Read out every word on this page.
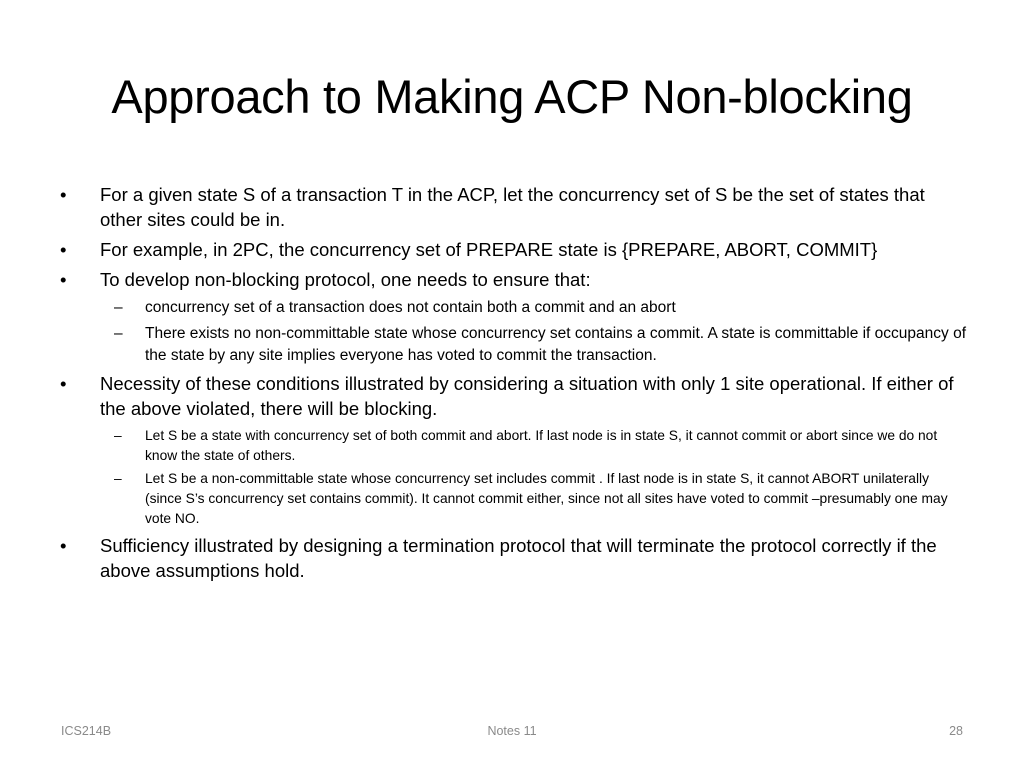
Approach to Making ACP Non-blocking
• For a given state S of a transaction T in the ACP, let the concurrency set of S be the set of states that other sites could be in.
• For example, in 2PC, the concurrency set of PREPARE state is {PREPARE, ABORT, COMMIT}
• To develop non-blocking protocol, one needs to ensure that:
– concurrency set of a transaction does not contain both a commit and an abort
– There exists no non-committable state whose concurrency set contains a commit. A state is committable if occupancy of the state by any site implies everyone has voted to commit the transaction.
• Necessity of these conditions illustrated by considering a situation with only 1 site operational. If either of the above violated, there will be blocking.
– Let S be a state with concurrency set of both commit and abort. If last node is in state S, it cannot commit or abort since we do not know the state of others.
– Let S be a non-committable state whose concurrency set includes commit . If last node is in state S, it cannot ABORT unilaterally (since S’s concurrency set contains commit). It cannot commit either, since not all sites have voted to commit –presumably one may vote NO.
• Sufficiency illustrated by designing a termination protocol that will terminate the protocol correctly if the above assumptions hold.
ICS214B	Notes 11	28
